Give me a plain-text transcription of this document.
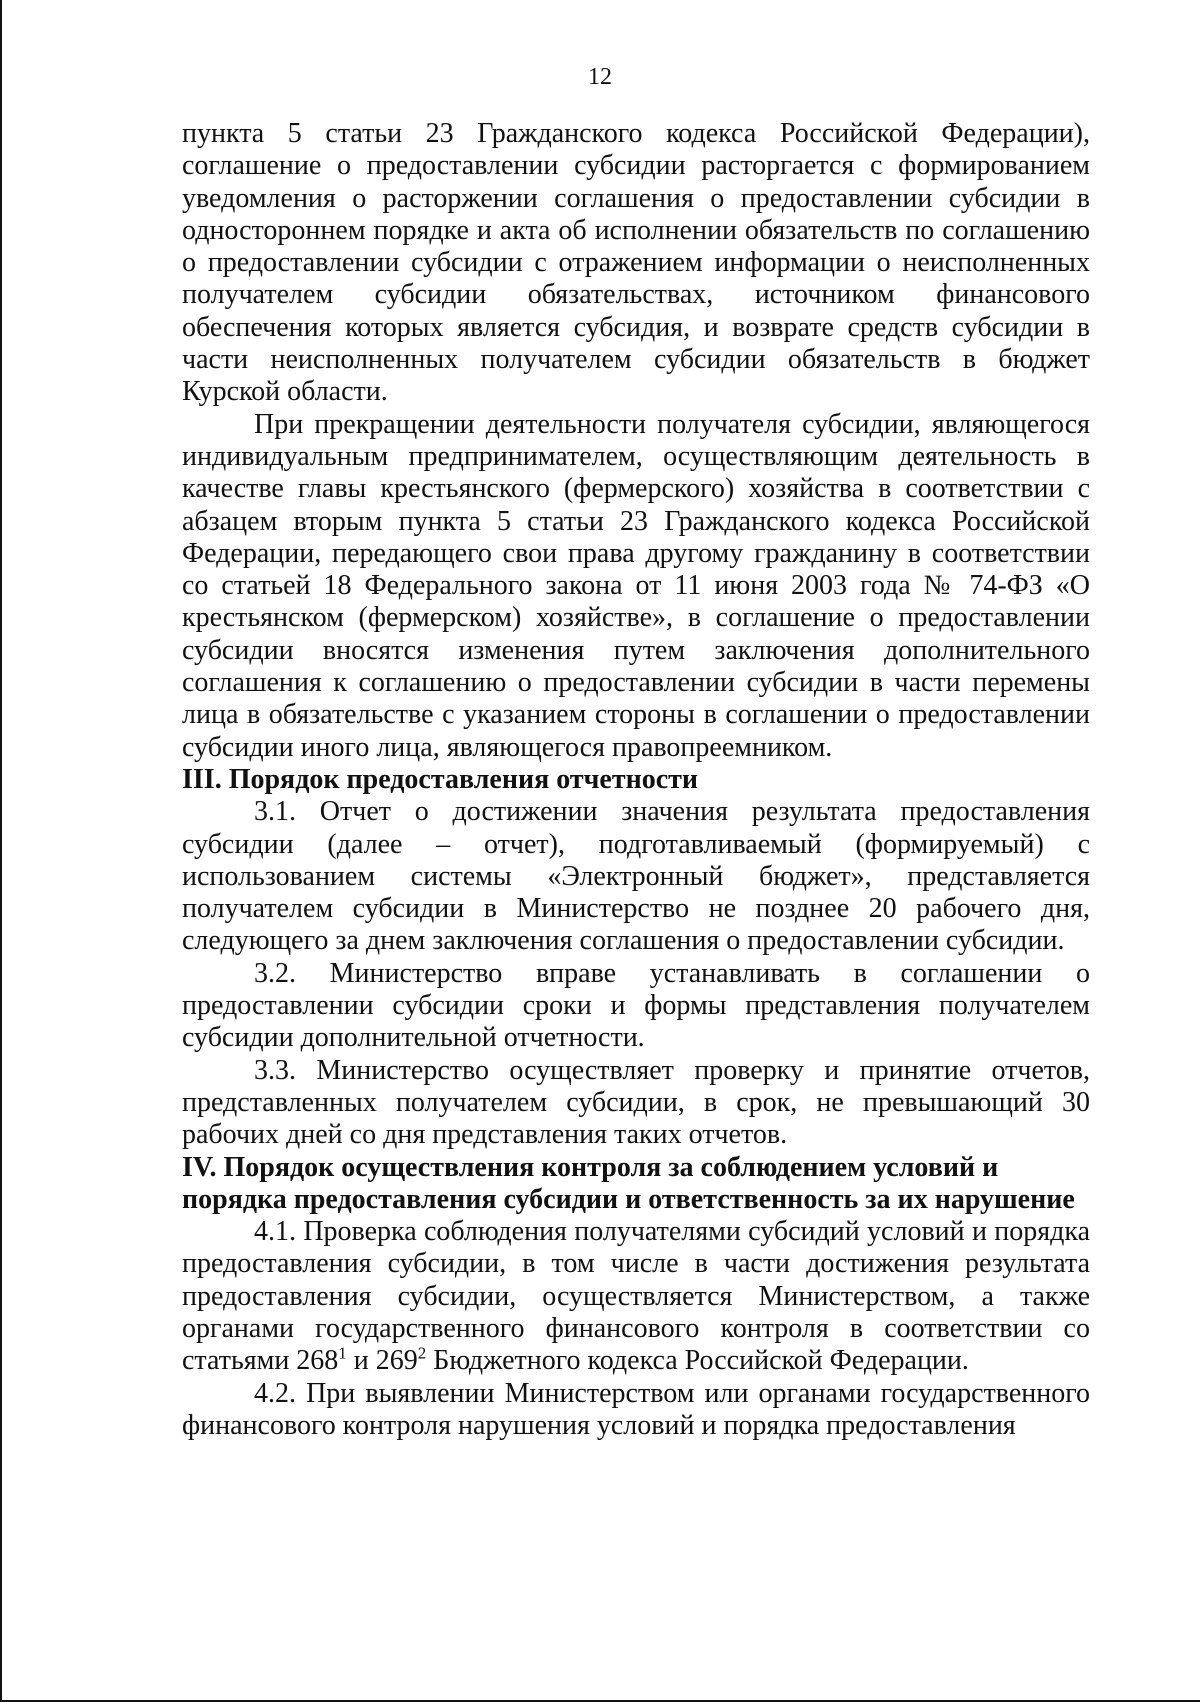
12

пункта 5 статьи 23 Гражданского кодекса Российской Федерации), соглашение о предоставлении субсидии расторгается с формированием уведомления о расторжении соглашения о предоставлении субсидии в одностороннем порядке и акта об исполнении обязательств по соглашению о предоставлении субсидии с отражением информации о неисполненных получателем субсидии обязательствах, источником финансового обеспечения которых является субсидия, и возврате средств субсидии в части неисполненных получателем субсидии обязательств в бюджет Курской области.

При прекращении деятельности получателя субсидии, являющегося индивидуальным предпринимателем, осуществляющим деятельность в качестве главы крестьянского (фермерского) хозяйства в соответствии с абзацем вторым пункта 5 статьи 23 Гражданского кодекса Российской Федерации, передающего свои права другому гражданину в соответствии со статьей 18 Федерального закона от 11 июня 2003 года № 74-ФЗ «О крестьянском (фермерском) хозяйстве», в соглашение о предоставлении субсидии вносятся изменения путем заключения дополнительного соглашения к соглашению о предоставлении субсидии в части перемены лица в обязательстве с указанием стороны в соглашении о предоставлении субсидии иного лица, являющегося правопреемником.

III. Порядок предоставления отчетности

3.1. Отчет о достижении значения результата предоставления субсидии (далее – отчет), подготавливаемый (формируемый) с использованием системы «Электронный бюджет», представляется получателем субсидии в Министерство не позднее 20 рабочего дня, следующего за днем заключения соглашения о предоставлении субсидии.

3.2. Министерство вправе устанавливать в соглашении о предоставлении субсидии сроки и формы представления получателем субсидии дополнительной отчетности.

3.3. Министерство осуществляет проверку и принятие отчетов, представленных получателем субсидии, в срок, не превышающий 30 рабочих дней со дня представления таких отчетов.

IV. Порядок осуществления контроля за соблюдением условий и
порядка предоставления субсидии и ответственность за их нарушение

4.1. Проверка соблюдения получателями субсидий условий и порядка предоставления субсидии, в том числе в части достижения результата предоставления субсидии, осуществляется Министерством, а также органами государственного финансового контроля в соответствии со статьями $268^1$ и $269^2$ Бюджетного кодекса Российской Федерации.

4.2. При выявлении Министерством или органами государственного финансового контроля нарушения условий и порядка предоставления
